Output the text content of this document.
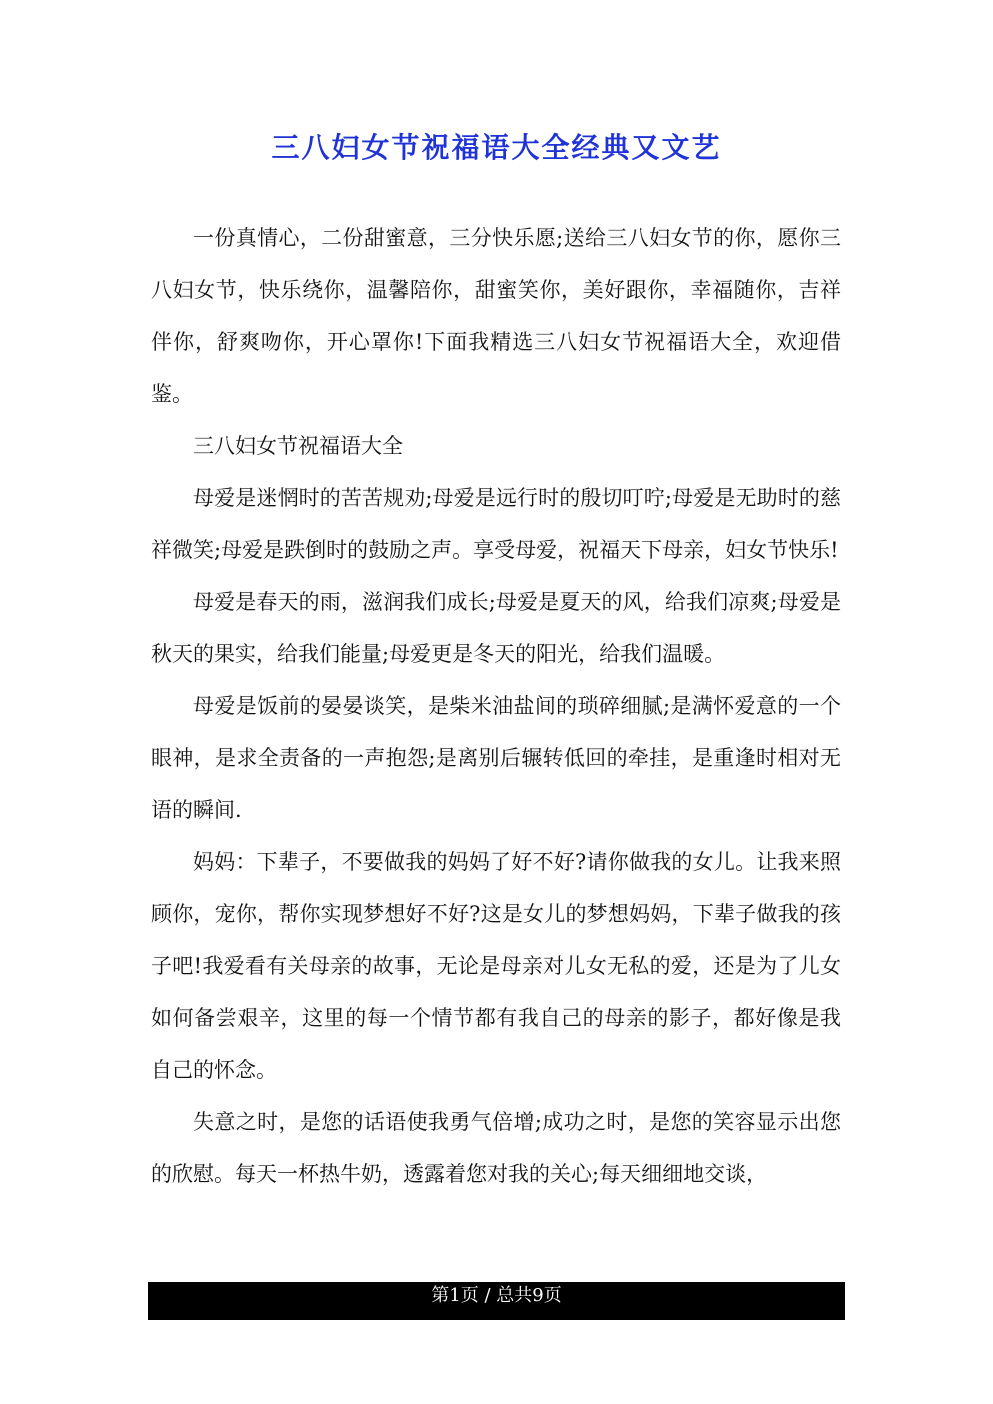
三八妇女节祝福语大全经典又文艺

一份真情心，二份甜蜜意，三分快乐愿;送给三八妇女节的你，愿你三八妇女节，快乐绕你，温馨陪你，甜蜜笑你，美好跟你，幸福随你，吉祥伴你，舒爽吻你，开心罩你!下面我精选三八妇女节祝福语大全，欢迎借鉴。

三八妇女节祝福语大全

母爱是迷惘时的苦苦规劝;母爱是远行时的殷切叮咛;母爱是无助时的慈祥微笑;母爱是跌倒时的鼓励之声。享受母爱，祝福天下母亲，妇女节快乐!

母爱是春天的雨，滋润我们成长;母爱是夏天的风，给我们凉爽;母爱是秋天的果实，给我们能量;母爱更是冬天的阳光，给我们温暖。

母爱是饭前的晏晏谈笑，是柴米油盐间的琐碎细腻;是满怀爱意的一个眼神，是求全责备的一声抱怨;是离别后辗转低回的牵挂，是重逢时相对无语的瞬间.

妈妈：下辈子，不要做我的妈妈了好不好?请你做我的女儿。让我来照顾你，宠你，帮你实现梦想好不好?这是女儿的梦想妈妈，下辈子做我的孩子吧!我爱看有关母亲的故事，无论是母亲对儿女无私的爱，还是为了儿女如何备尝艰辛，这里的每一个情节都有我自己的母亲的影子，都好像是我自己的怀念。

失意之时，是您的话语使我勇气倍增;成功之时，是您的笑容显示出您的欣慰。每天一杯热牛奶，透露着您对我的关心;每天细细地交谈，

第1页 / 总共9页
